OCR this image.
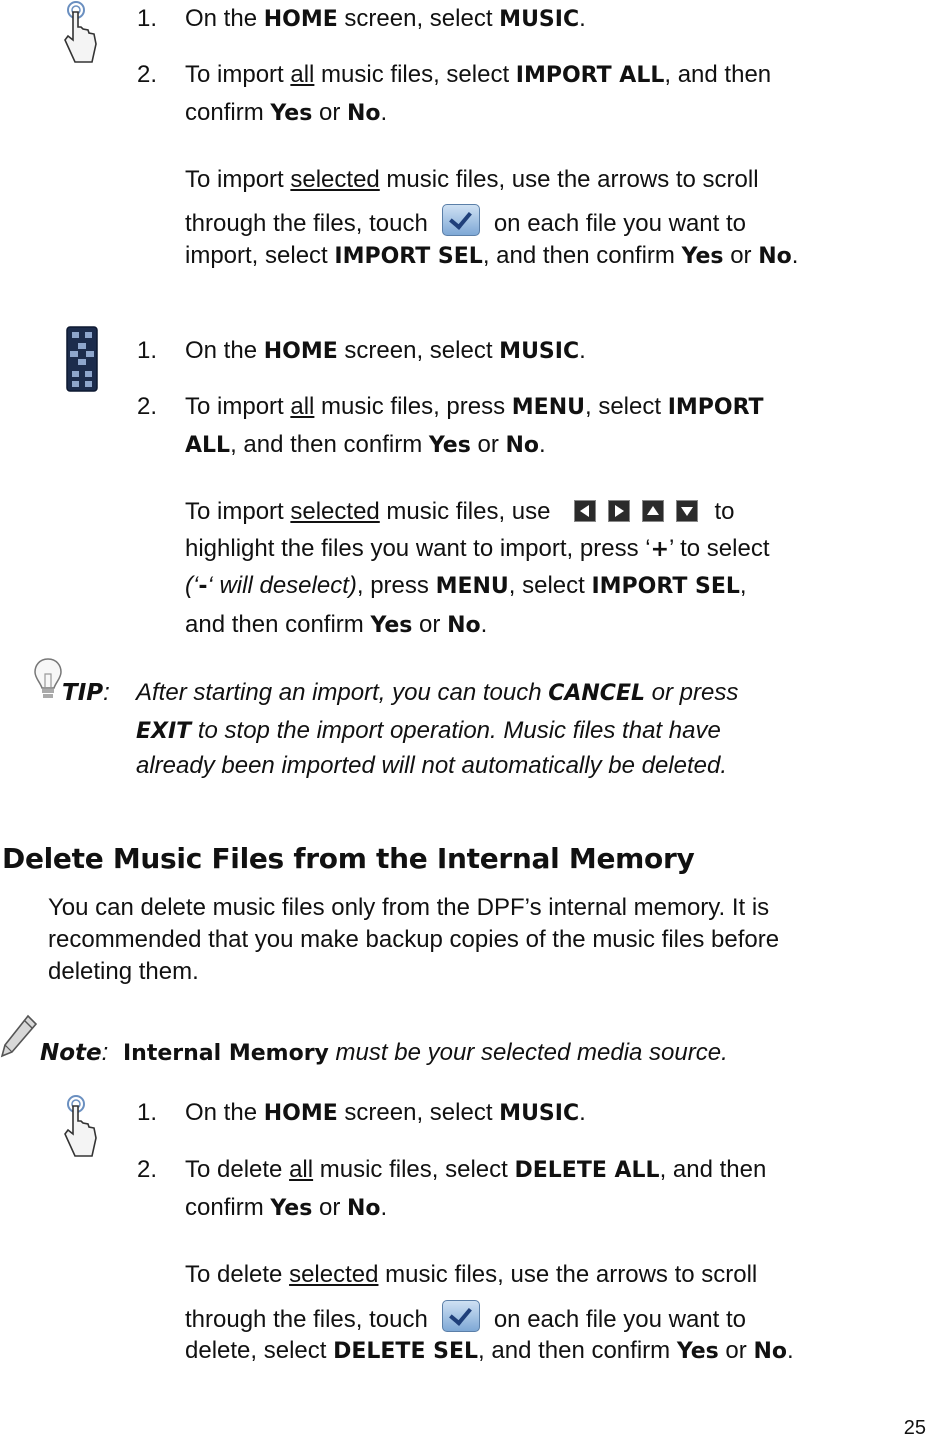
1. On the HOME screen, select MUSIC.
2. To import all music files, select IMPORT ALL, and then
confirm Yes or No.
To import selected music files, use the arrows to scroll
through the files, touch	on each file you want to
import, select IMPORT SEL, and then confirm Yes or No.
1. On the HOME screen, select MUSIC.
2. To import all music files, press MENU, select IMPORT
ALL, and then confirm Yes or No.
To import selected music files, use	to
highlight the files you want to import, press ‘+’ to select
(‘-‘ will deselect), press MENU, select IMPORT SEL,
and then confirm Yes or No.
TIP: After starting an import, you can touch CANCEL or press
EXIT to stop the import operation. Music files that have
already been imported will not automatically be deleted.
Delete Music Files from the Internal Memory
You can delete music files only from the DPF’s internal memory. It is
recommended that you make backup copies of the music files before
deleting them.
Note: Internal Memory must be your selected media source.
1. On the HOME screen, select MUSIC.
2. To delete all music files, select DELETE ALL, and then
confirm Yes or No.
To delete selected music files, use the arrows to scroll
through the files, touch	on each file you want to
delete, select DELETE SEL, and then confirm Yes or No.
25
